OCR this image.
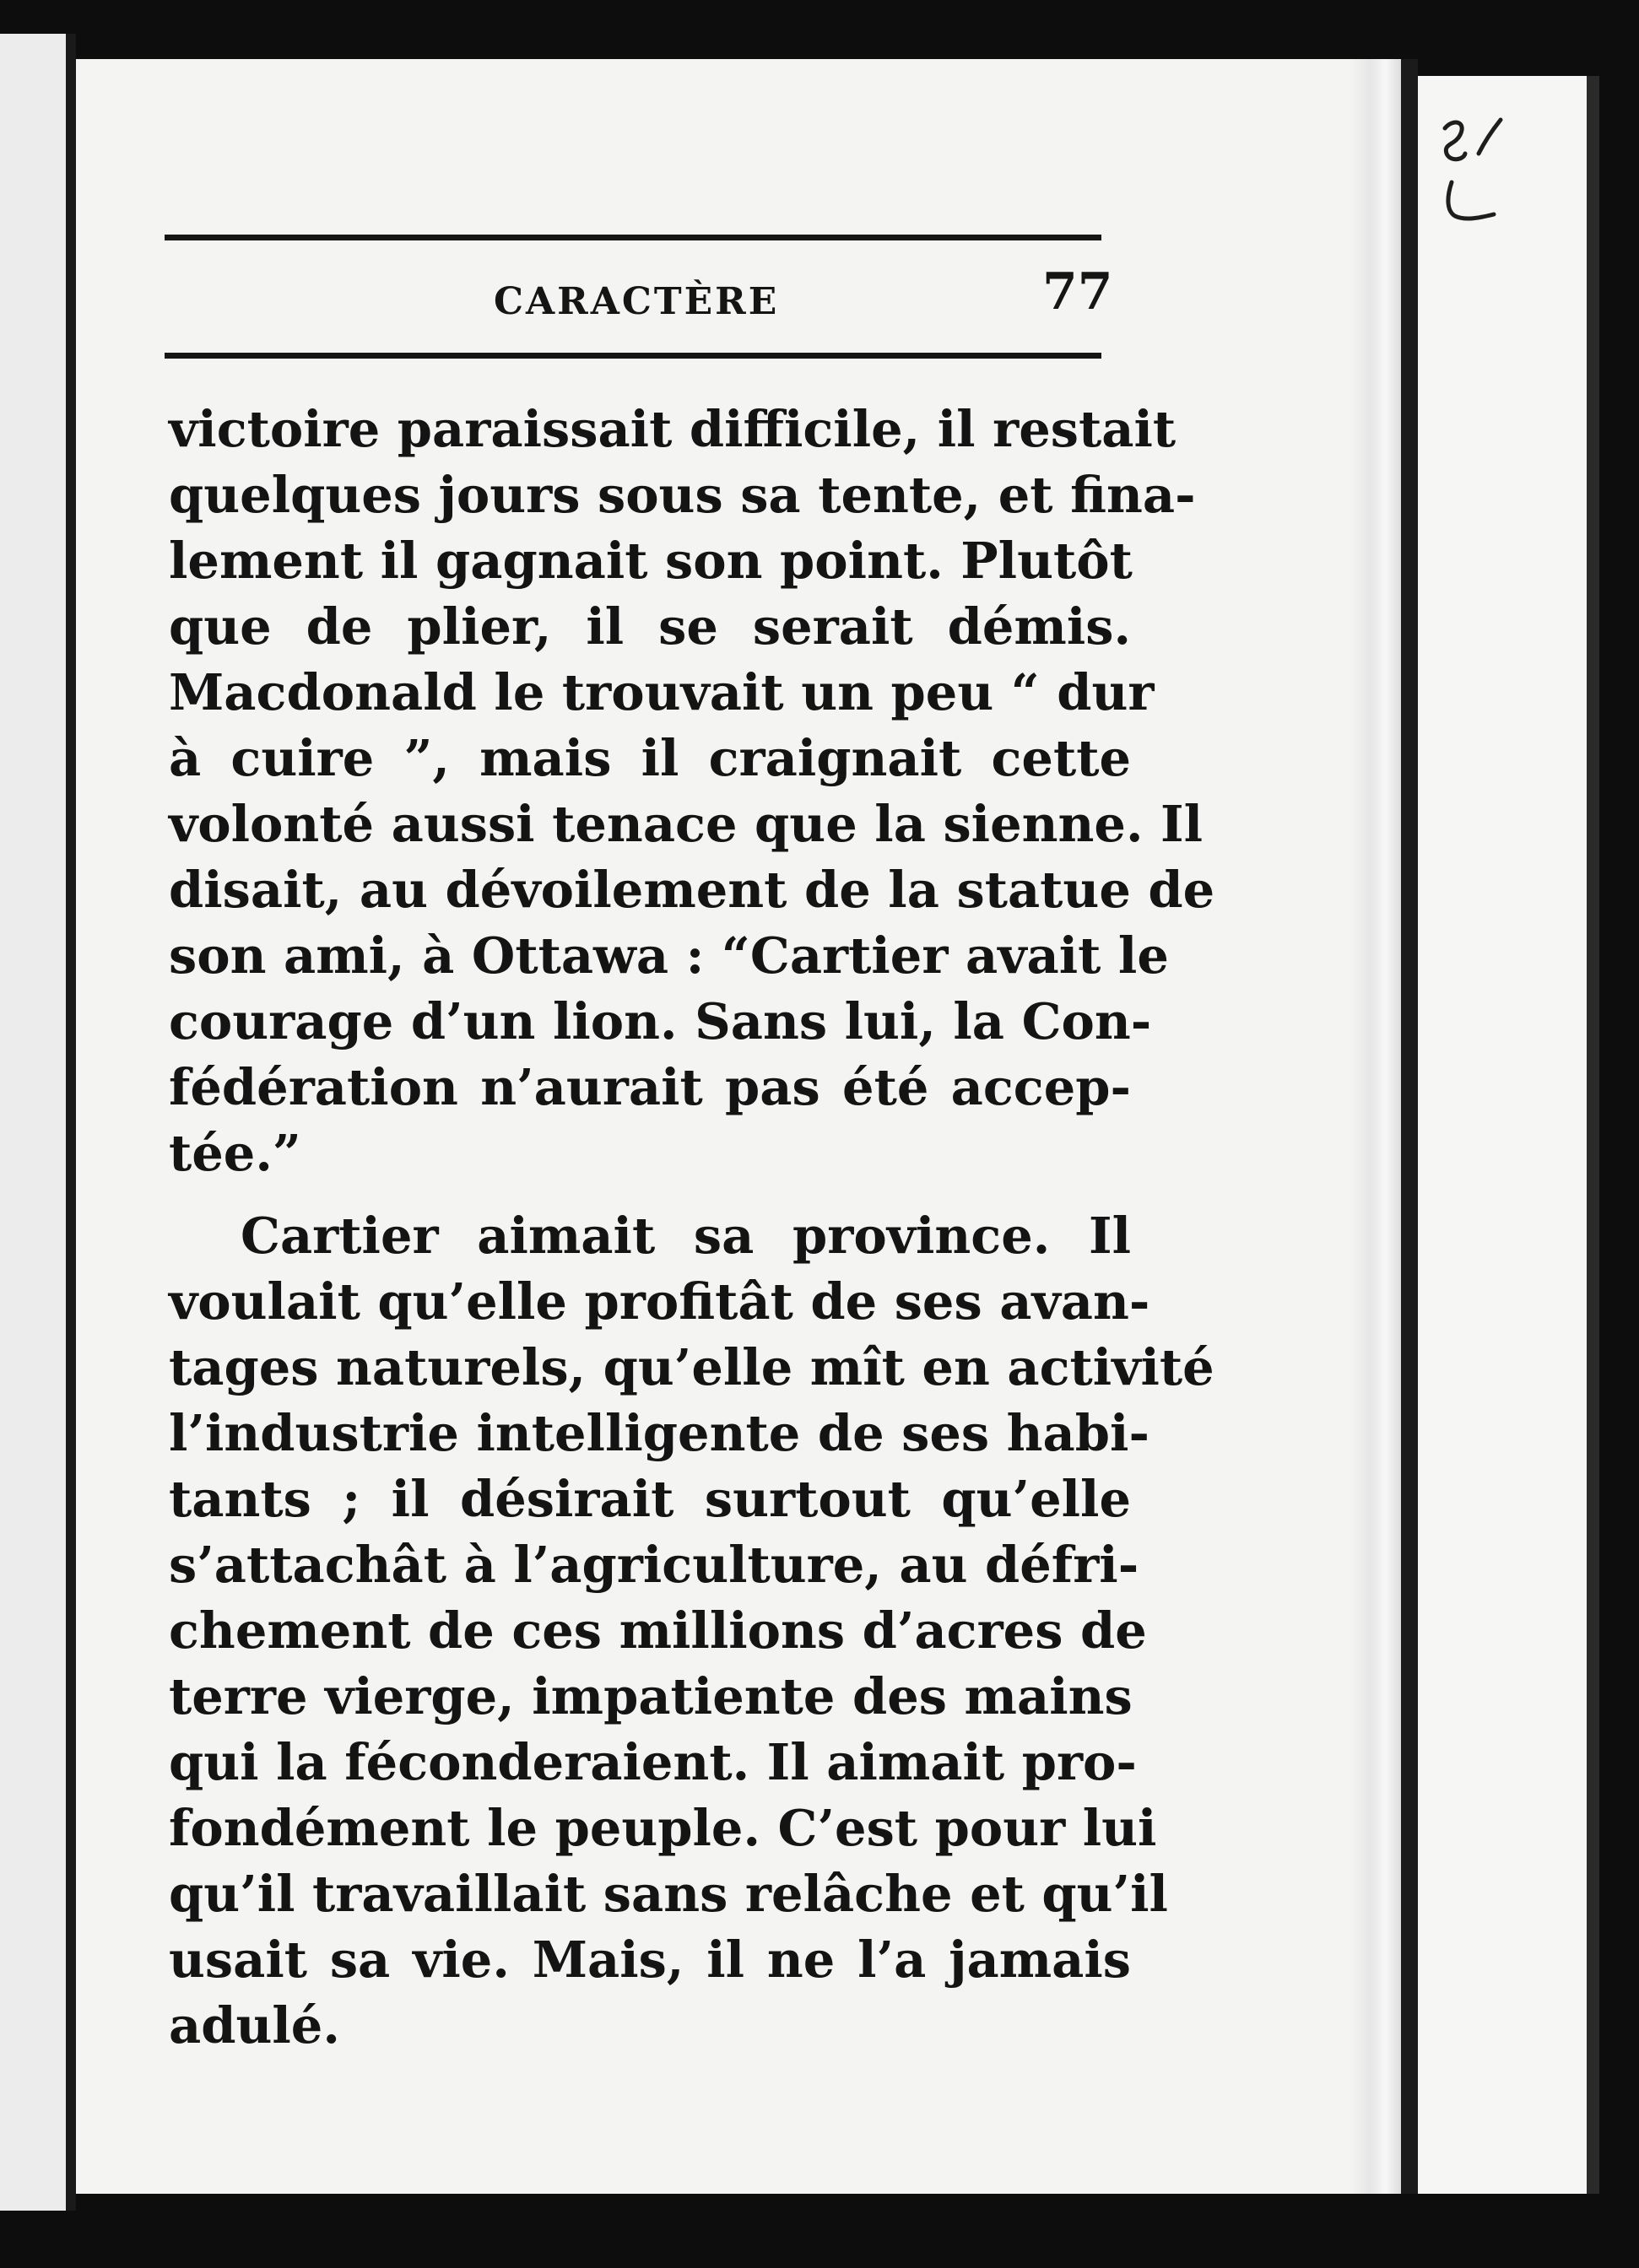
CARACTÈRE	77
victoire paraissait difficile, il restait
quelques jours sous sa tente, et fina-
lement il gagnait son point. Plutôt
que de plier, il se serait démis.
Macdonald le trouvait un peu “ dur
à cuire ”, mais il craignait cette
volonté aussi tenace que la sienne. Il
disait, au dévoilement de la statue de
son ami, à Ottawa : “Cartier avait le
courage d’un lion. Sans lui, la Con-
fédération n’aurait pas été accep-
tée.”
Cartier aimait sa province. Il
voulait qu’elle profitât de ses avan-
tages naturels, qu’elle mît en activité
l’industrie intelligente de ses habi-
tants ; il désirait surtout qu’elle
s’attachât à l’agriculture, au défri-
chement de ces millions d’acres de
terre vierge, impatiente des mains
qui la féconderaient. Il aimait pro-
fondément le peuple. C’est pour lui
qu’il travaillait sans relâche et qu’il
usait sa vie. Mais, il ne l’a jamais
adulé.
